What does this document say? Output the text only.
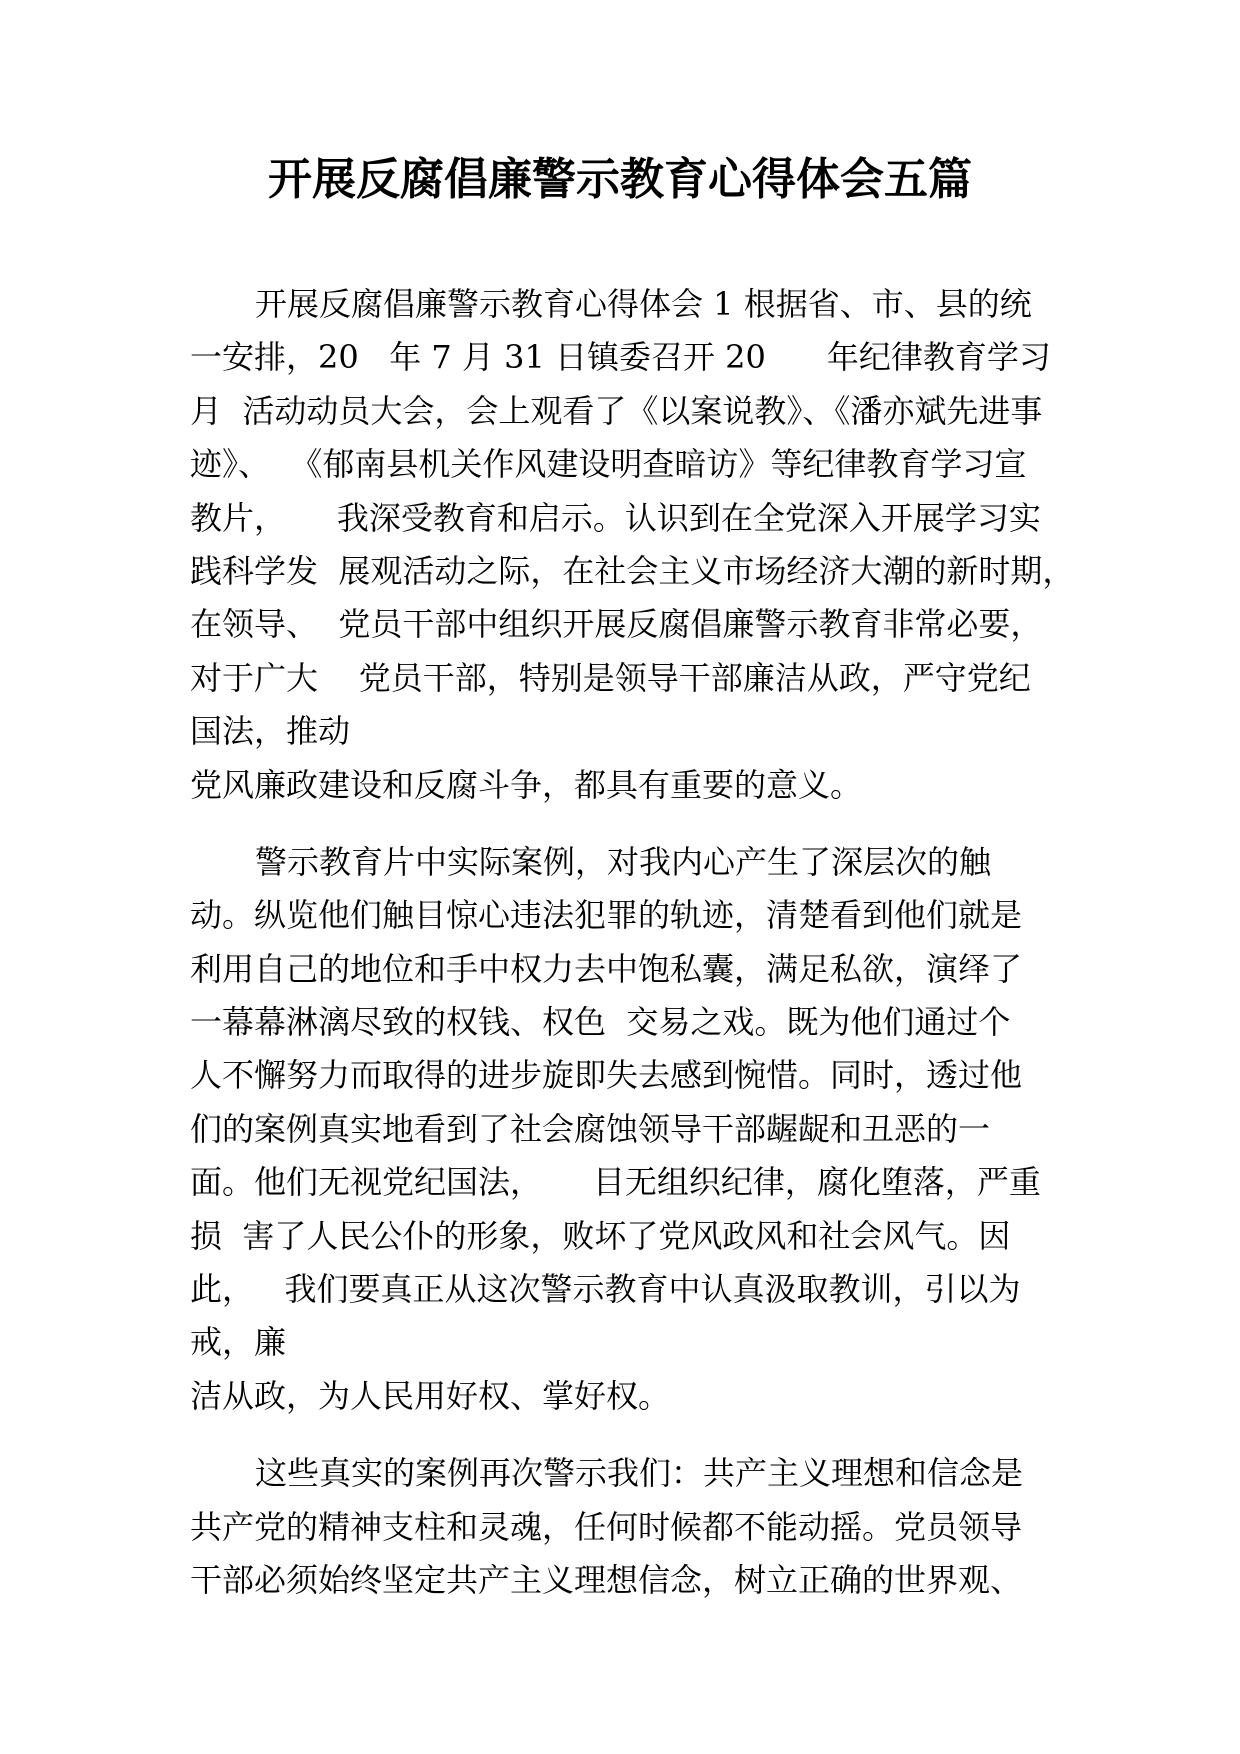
开展反腐倡廉警示教育心得体会五篇
开展反腐倡廉警示教育心得体会 1 根据省、市、县的统
一安排，20   年 7 月 31 日镇委召开 20      年纪律教育学习
月  活动动员大会，会上观看了《以案说教》、《潘亦斌先进事
迹》、  《郁南县机关作风建设明查暗访》等纪律教育学习宣
教片，     我深受教育和启示。认识到在全党深入开展学习实
践科学发  展观活动之际，在社会主义市场经济大潮的新时期，
在领导、  党员干部中组织开展反腐倡廉警示教育非常必要，
对于广大    党员干部，特别是领导干部廉洁从政，严守党纪
国法，推动
党风廉政建设和反腐斗争，都具有重要的意义。
警示教育片中实际案例，对我内心产生了深层次的触
动。纵览他们触目惊心违法犯罪的轨迹，清楚看到他们就是
利用自己的地位和手中权力去中饱私囊，满足私欲，演绎了
一幕幕淋漓尽致的权钱、权色  交易之戏。既为他们通过个
人不懈努力而取得的进步旋即失去感到惋惜。同时，透过他
们的案例真实地看到了社会腐蚀领导干部龌龊和丑恶的一
面。他们无视党纪国法，     目无组织纪律，腐化堕落，严重
损  害了人民公仆的形象，败坏了党风政风和社会风气。因
此，   我们要真正从这次警示教育中认真汲取教训，引以为
戒，廉
洁从政，为人民用好权、掌好权。
这些真实的案例再次警示我们：共产主义理想和信念是
共产党的精神支柱和灵魂，任何时候都不能动摇。党员领导
干部必须始终坚定共产主义理想信念，树立正确的世界观、
